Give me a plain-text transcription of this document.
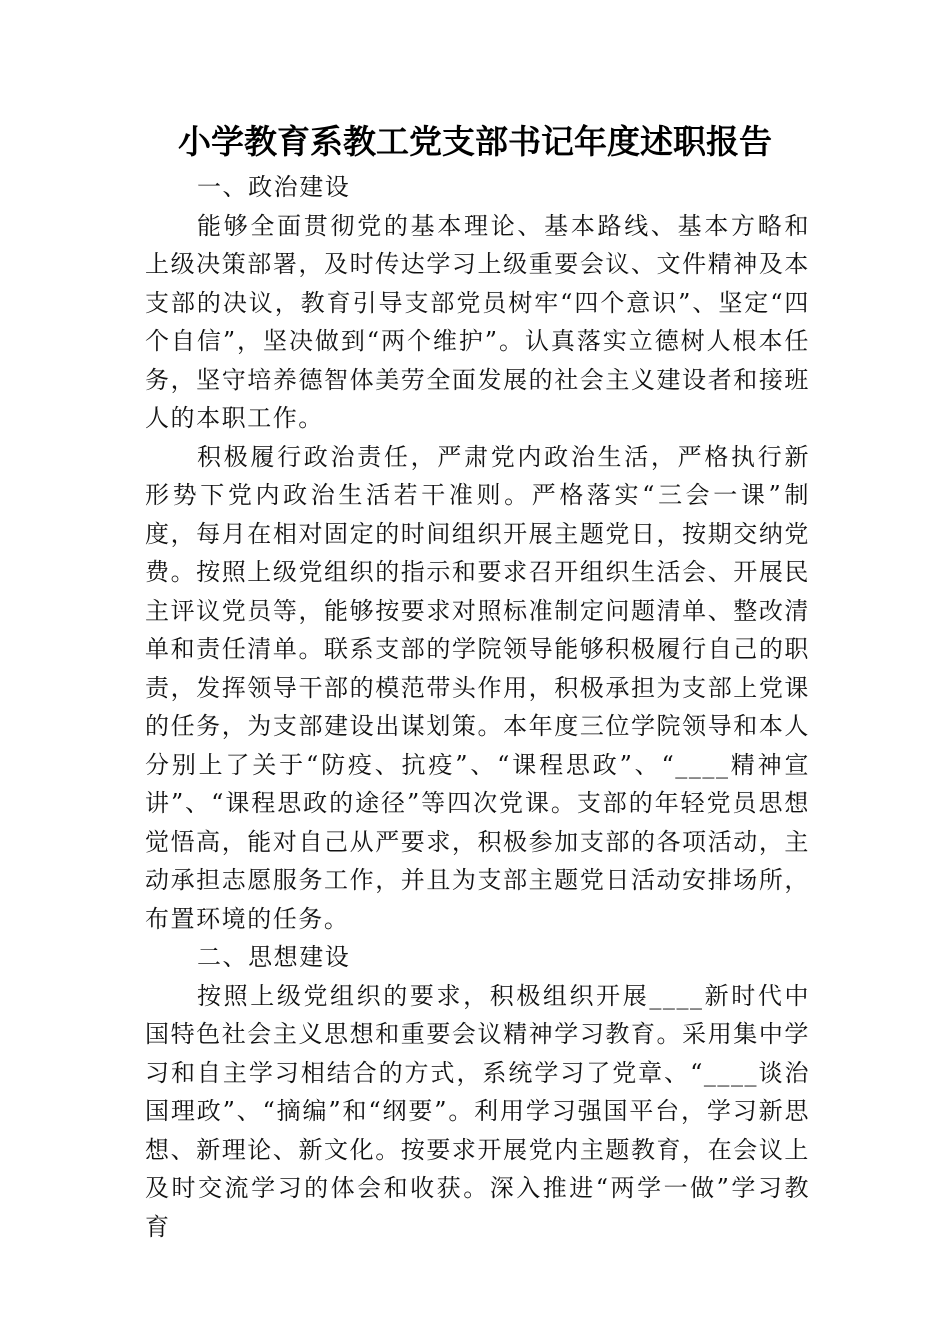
小学教育系教工党支部书记年度述职报告

一、政治建设

能够全面贯彻党的基本理论、基本路线、基本方略和上级决策部署，及时传达学习上级重要会议、文件精神及本支部的决议，教育引导支部党员树牢“四个意识”、坚定“四个自信”，坚决做到“两个维护”。认真落实立德树人根本任务，坚守培养德智体美劳全面发展的社会主义建设者和接班人的本职工作。

积极履行政治责任，严肃党内政治生活，严格执行新形势下党内政治生活若干准则。严格落实“三会一课”制度，每月在相对固定的时间组织开展主题党日，按期交纳党费。按照上级党组织的指示和要求召开组织生活会、开展民主评议党员等，能够按要求对照标准制定问题清单、整改清单和责任清单。联系支部的学院领导能够积极履行自己的职责，发挥领导干部的模范带头作用，积极承担为支部上党课的任务，为支部建设出谋划策。本年度三位学院领导和本人分别上了关于“防疫、抗疫”、“课程思政”、“____精神宣讲”、“课程思政的途径”等四次党课。支部的年轻党员思想觉悟高，能对自己从严要求，积极参加支部的各项活动，主动承担志愿服务工作，并且为支部主题党日活动安排场所，布置环境的任务。

二、思想建设

按照上级党组织的要求，积极组织开展____新时代中国特色社会主义思想和重要会议精神学习教育。采用集中学习和自主学习相结合的方式，系统学习了党章、“____谈治国理政”、“摘编”和“纲要”。利用学习强国平台，学习新思想、新理论、新文化。按要求开展党内主题教育，在会议上及时交流学习的体会和收获。深入推进“两学一做”学习教育
